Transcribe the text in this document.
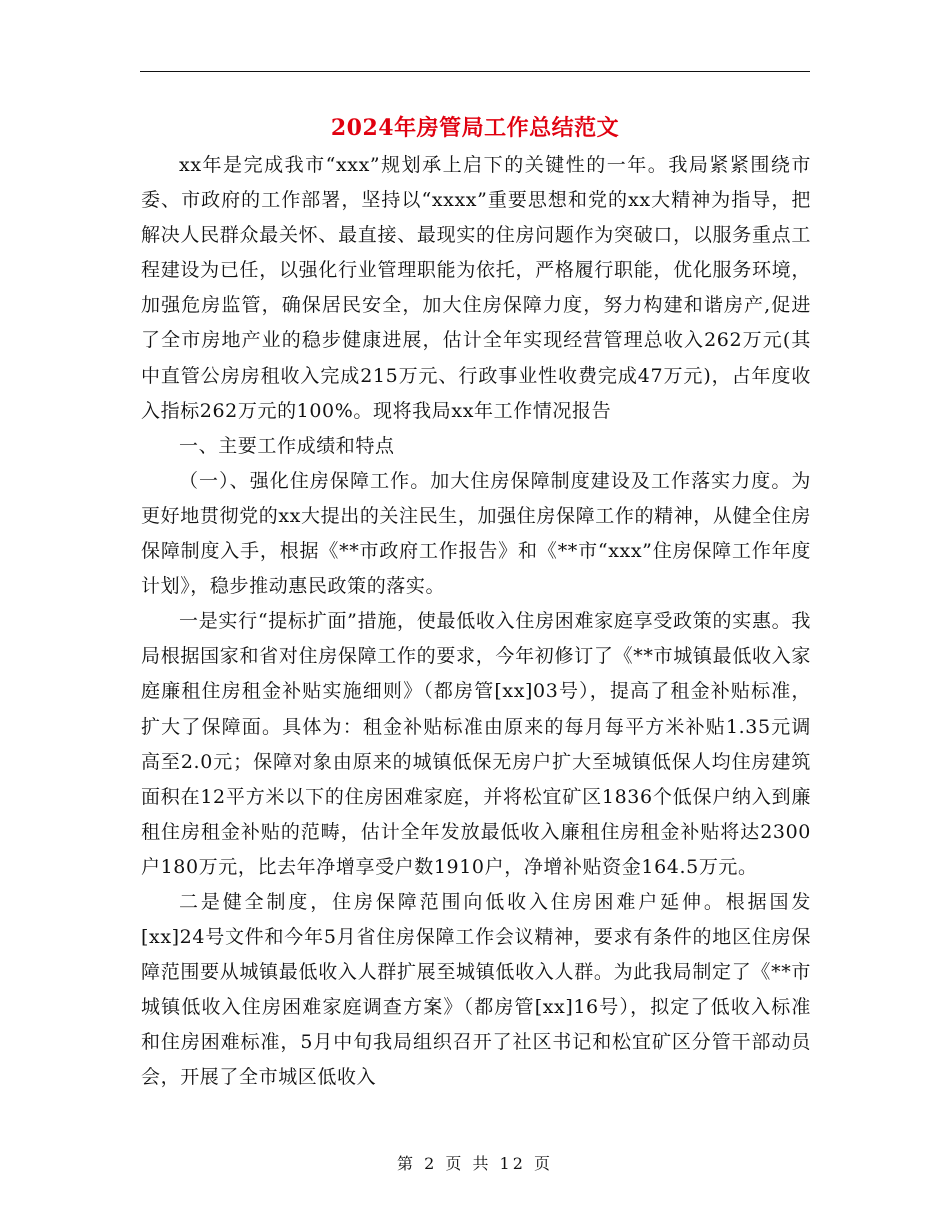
2024年房管局工作总结范文

xx年是完成我市“xxx”规划承上启下的关键性的一年。我局紧紧围绕市委、市政府的工作部署，坚持以“xxxx”重要思想和党的xx大精神为指导，把解决人民群众最关怀、最直接、最现实的住房问题作为突破口，以服务重点工程建设为已任，以强化行业管理职能为依托，严格履行职能，优化服务环境，加强危房监管，确保居民安全，加大住房保障力度，努力构建和谐房产,促进了全市房地产业的稳步健康进展，估计全年实现经营管理总收入262万元(其中直管公房房租收入完成215万元、行政事业性收费完成47万元)，占年度收入指标262万元的100%。现将我局xx年工作情况报告

一、主要工作成绩和特点

（一）、强化住房保障工作。加大住房保障制度建设及工作落实力度。为更好地贯彻党的xx大提出的关注民生，加强住房保障工作的精神，从健全住房保障制度入手，根据《**市政府工作报告》和《**市“xxx”住房保障工作年度计划》，稳步推动惠民政策的落实。

一是实行“提标扩面”措施，使最低收入住房困难家庭享受政策的实惠。我局根据国家和省对住房保障工作的要求，今年初修订了《**市城镇最低收入家庭廉租住房租金补贴实施细则》（都房管[xx]03号），提高了租金补贴标准，扩大了保障面。具体为：租金补贴标准由原来的每月每平方米补贴1.35元调高至2.0元；保障对象由原来的城镇低保无房户扩大至城镇低保人均住房建筑面积在12平方米以下的住房困难家庭，并将松宜矿区1836个低保户纳入到廉租住房租金补贴的范畴，估计全年发放最低收入廉租住房租金补贴将达2300户180万元，比去年净增享受户数1910户，净增补贴资金164.5万元。

二是健全制度，住房保障范围向低收入住房困难户延伸。根据国发[xx]24号文件和今年5月省住房保障工作会议精神，要求有条件的地区住房保障范围要从城镇最低收入人群扩展至城镇低收入人群。为此我局制定了《**市城镇低收入住房困难家庭调查方案》（都房管[xx]16号），拟定了低收入标准和住房困难标准，5月中旬我局组织召开了社区书记和松宜矿区分管干部动员会，开展了全市城区低收入

第 2 页 共 12 页
